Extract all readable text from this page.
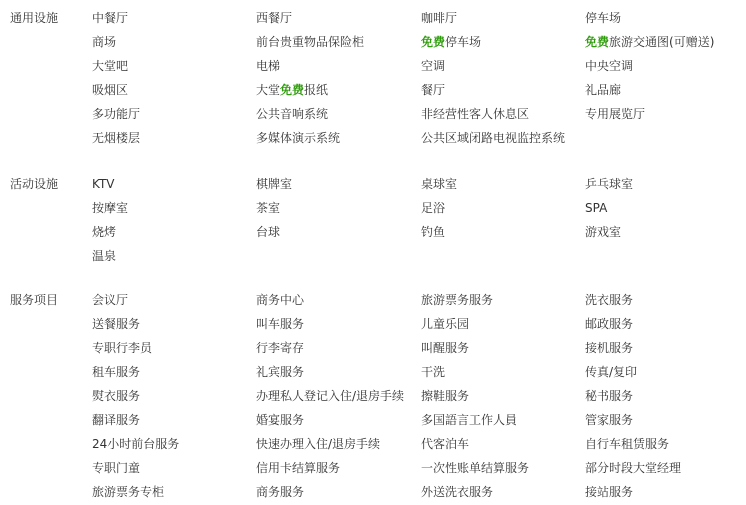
通用设施	中餐厅	西餐厅	咖啡厅	停车场
商场	前台贵重物品保险柜	免费停车场	免费旅游交通图(可赠送)
大堂吧	电梯	空调	中央空调
吸烟区	大堂免费报纸	餐厅	礼品廊
多功能厅	公共音响系统	非经营性客人休息区	专用展览厅
无烟楼层	多媒体演示系统	公共区域闭路电视监控系统
活动设施	KTV	棋牌室	桌球室	乒乓球室
按摩室	茶室	足浴	SPA
烧烤	台球	钓鱼	游戏室
温泉
服务项目	会议厅	商务中心	旅游票务服务	洗衣服务
送餐服务	叫车服务	儿童乐园	邮政服务
专职行李员	行李寄存	叫醒服务	接机服务
租车服务	礼宾服务	干洗	传真/复印
熨衣服务	办理私人登记入住/退房手续	擦鞋服务	秘书服务
翻译服务	婚宴服务	多国語言工作人員	管家服务
24小时前台服务	快速办理入住/退房手续	代客泊车	自行车租赁服务
专职门童	信用卡结算服务	一次性账单结算服务	部分时段大堂经理
旅游票务专柜	商务服务	外送洗衣服务	接站服务
